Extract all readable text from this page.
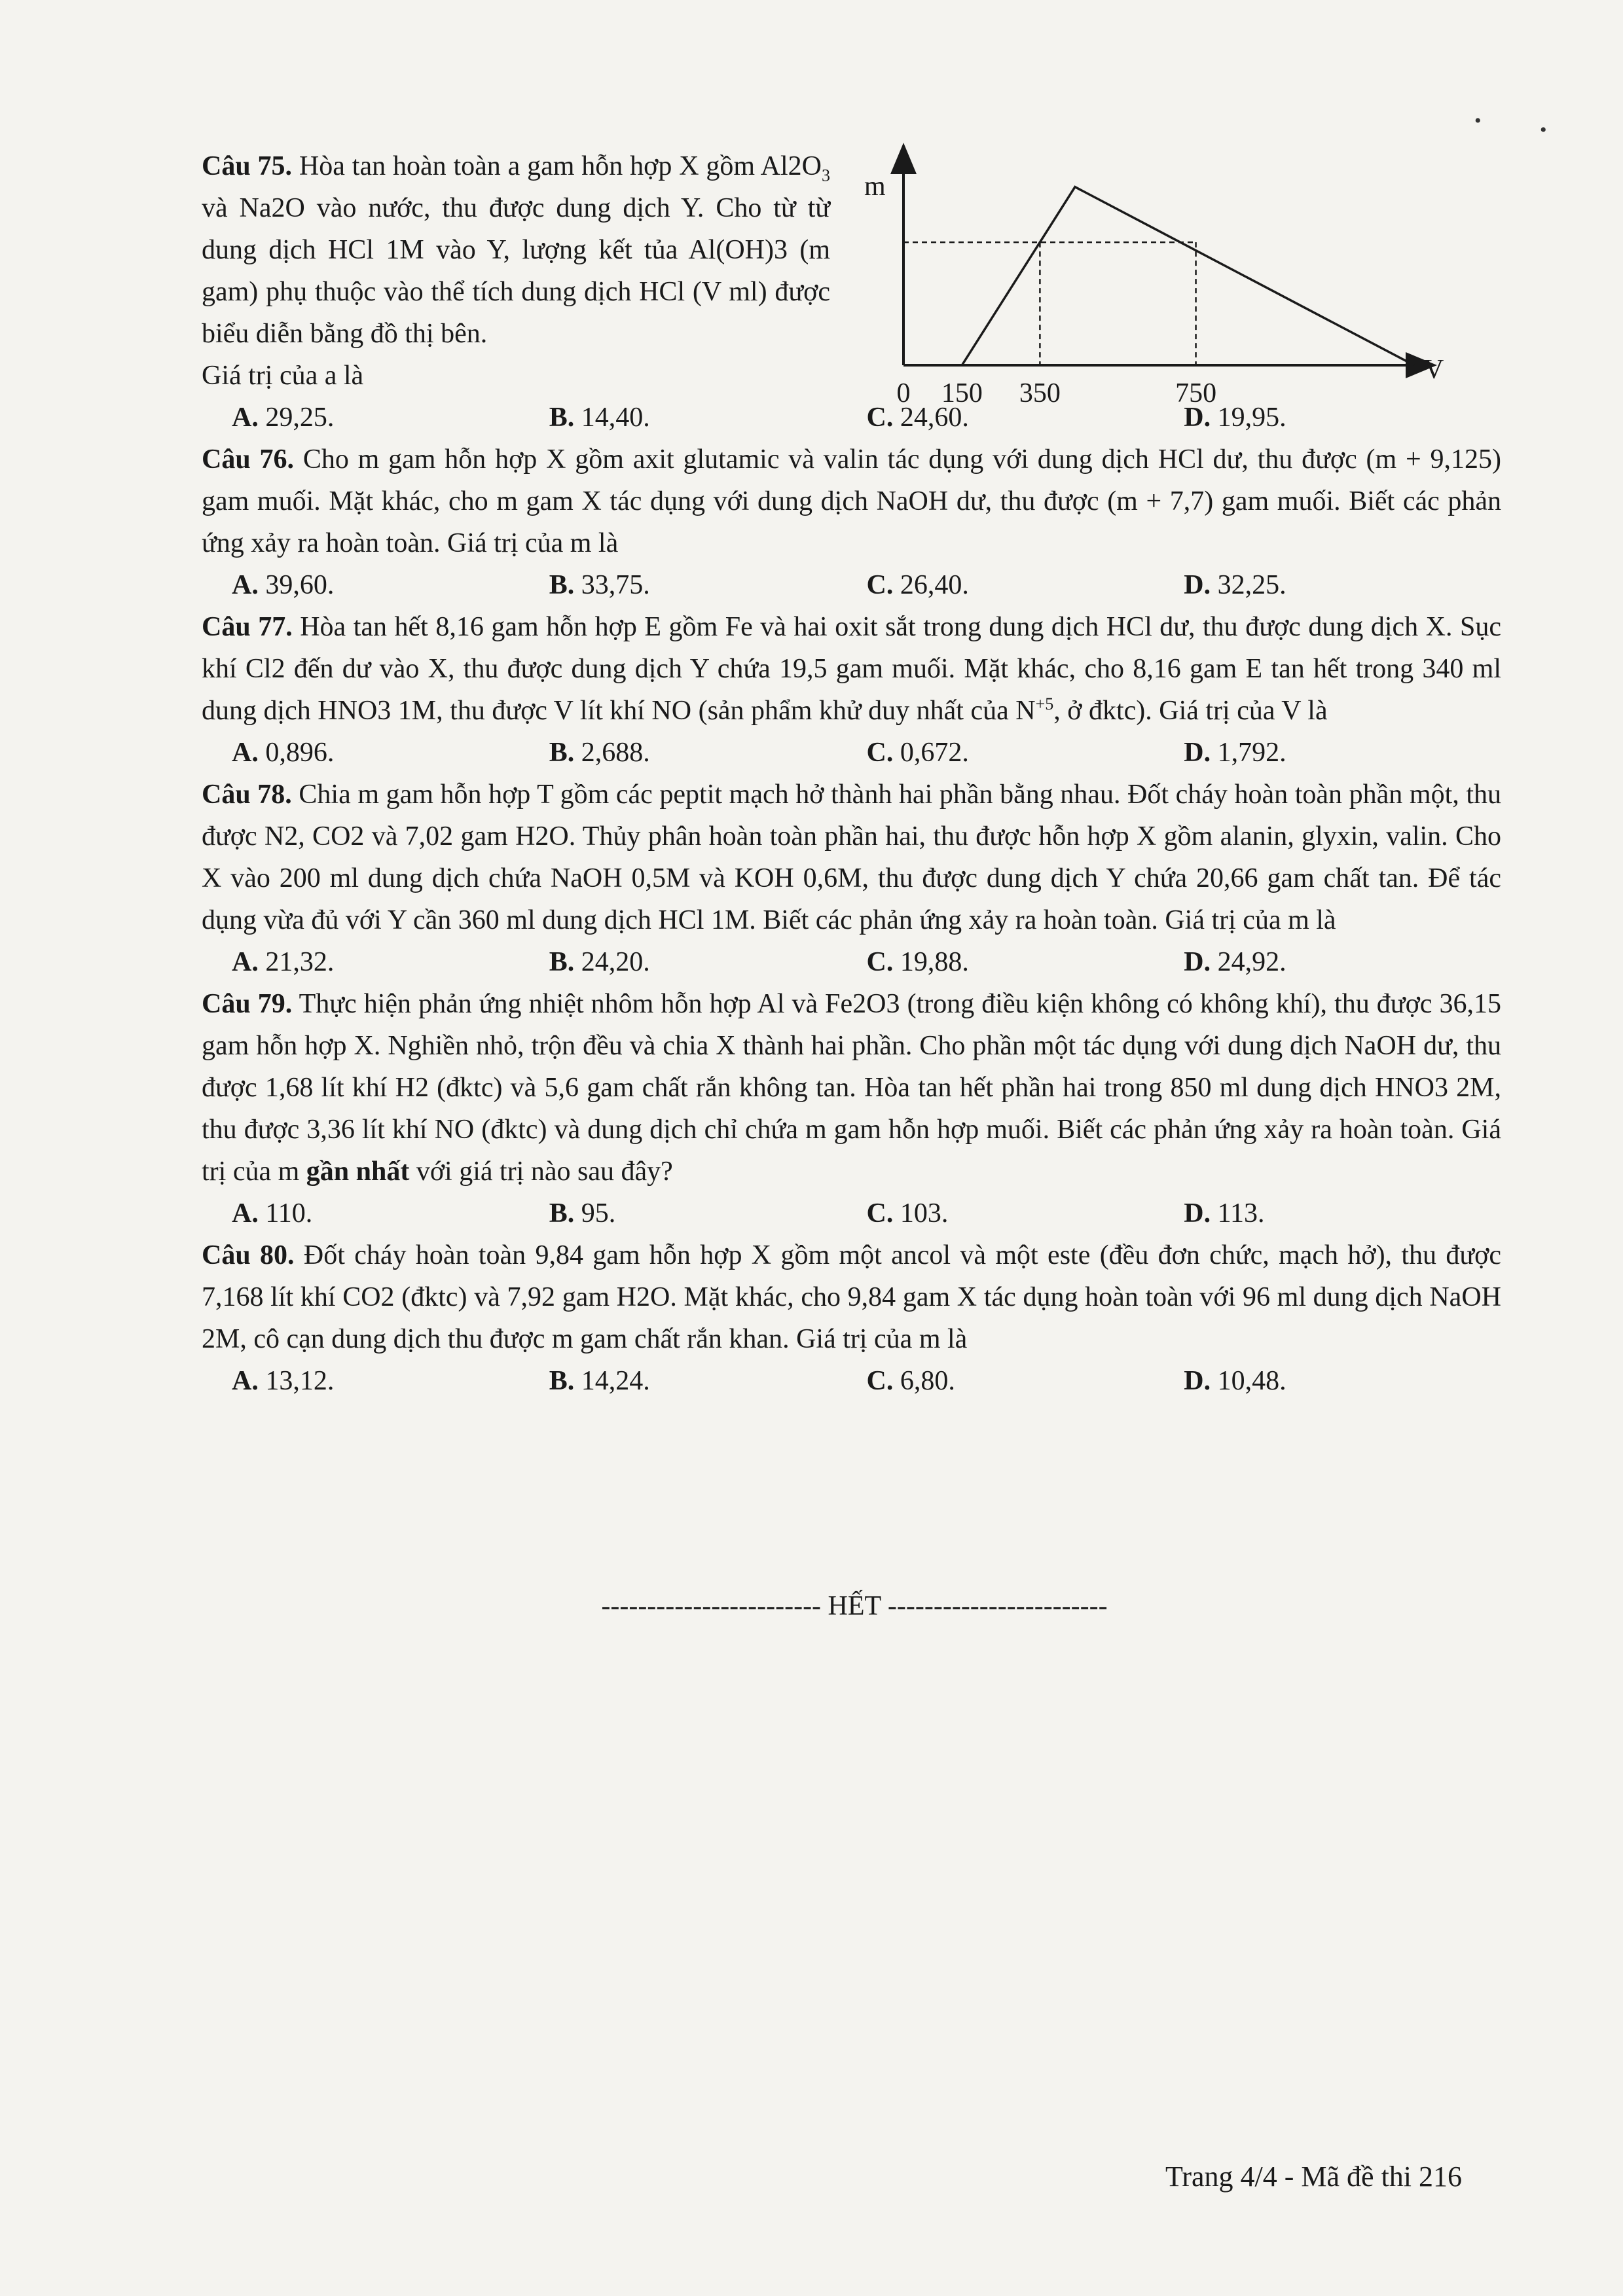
•	•
Câu 75. Hòa tan hoàn toàn a gam hỗn hợp X gồm $Al2O_3$ và Na2O vào nước, thu được dung dịch Y. Cho từ từ dung dịch HCl 1M vào Y, lượng kết tủa Al(OH)3 (m gam) phụ thuộc vào thể tích dung dịch HCl (V ml) được biểu diễn bằng đồ thị bên.
Giá trị của a là
A. 29,25.	B. 14,40.	C. 24,60.	D. 19,95.
Câu 76. Cho m gam hỗn hợp X gồm axit glutamic và valin tác dụng với dung dịch HCl dư, thu được (m + 9,125) gam muối. Mặt khác, cho m gam X tác dụng với dung dịch NaOH dư, thu được (m + 7,7) gam muối. Biết các phản ứng xảy ra hoàn toàn. Giá trị của m là
A. 39,60.	B. 33,75.	C. 26,40.	D. 32,25.
Câu 77. Hòa tan hết 8,16 gam hỗn hợp E gồm Fe và hai oxit sắt trong dung dịch HCl dư, thu được dung dịch X. Sục khí Cl2 đến dư vào X, thu được dung dịch Y chứa 19,5 gam muối. Mặt khác, cho 8,16 gam E tan hết trong 340 ml dung dịch HNO3 1M, thu được V lít khí NO (sản phẩm khử duy nhất của $N^{+5}$, ở đktc). Giá trị của V là
A. 0,896.	B. 2,688.	C. 0,672.	D. 1,792.
Câu 78. Chia m gam hỗn hợp T gồm các peptit mạch hở thành hai phần bằng nhau. Đốt cháy hoàn toàn phần một, thu được N2, CO2 và 7,02 gam H2O. Thủy phân hoàn toàn phần hai, thu được hỗn hợp X gồm alanin, glyxin, valin. Cho X vào 200 ml dung dịch chứa NaOH 0,5M và KOH 0,6M, thu được dung dịch Y chứa 20,66 gam chất tan. Để tác dụng vừa đủ với Y cần 360 ml dung dịch HCl 1M. Biết các phản ứng xảy ra hoàn toàn. Giá trị của m là
A. 21,32.	B. 24,20.	C. 19,88.	D. 24,92.
Câu 79. Thực hiện phản ứng nhiệt nhôm hỗn hợp Al và Fe2O3 (trong điều kiện không có không khí), thu được 36,15 gam hỗn hợp X. Nghiền nhỏ, trộn đều và chia X thành hai phần. Cho phần một tác dụng với dung dịch NaOH dư, thu được 1,68 lít khí H2 (đktc) và 5,6 gam chất rắn không tan. Hòa tan hết phần hai trong 850 ml dung dịch HNO3 2M, thu được 3,36 lít khí NO (đktc) và dung dịch chỉ chứa m gam hỗn hợp muối. Biết các phản ứng xảy ra hoàn toàn. Giá trị của m gần nhất với giá trị nào sau đây?
A. 110.	B. 95.	C. 103.	D. 113.
Câu 80. Đốt cháy hoàn toàn 9,84 gam hỗn hợp X gồm một ancol và một este (đều đơn chức, mạch hở), thu được 7,168 lít khí CO2 (đktc) và 7,92 gam H2O. Mặt khác, cho 9,84 gam X tác dụng hoàn toàn với 96 ml dung dịch NaOH 2M, cô cạn dung dịch thu được m gam chất rắn khan. Giá trị của m là
A. 13,12.	B. 14,24.	C. 6,80.	D. 10,48.
m
V
0 150 350	750
------------------------ HẾT ------------------------
Trang 4/4 - Mã đề thi 216
